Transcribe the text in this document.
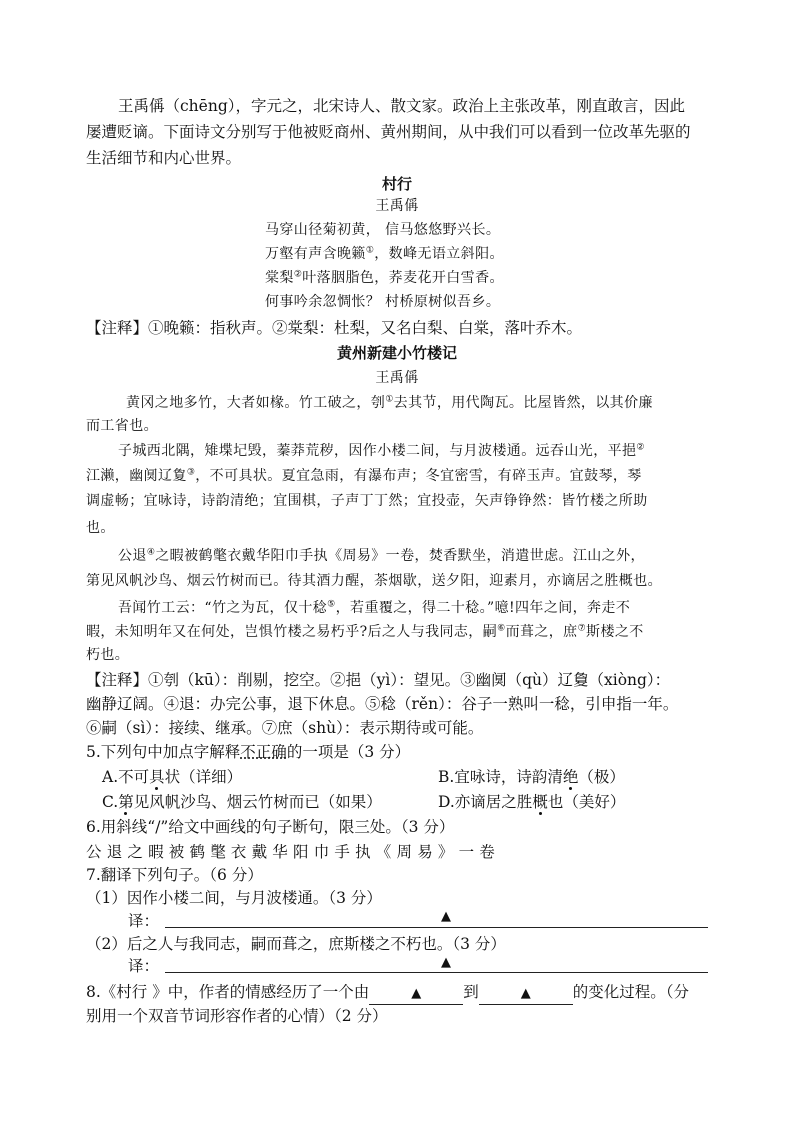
王禹偁（chēng），字元之，北宋诗人、散文家。政治上主张改革，刚直敢言，因此
屡遭贬谪。下面诗文分别写于他被贬商州、黄州期间，从中我们可以看到一位改革先驱的
生活细节和内心世界。
村行
王禹偁
马穿山径菊初黄， 信马悠悠野兴长。
万壑有声含晚籁①，数峰无语立斜阳。
棠梨②叶落胭脂色，荞麦花开白雪香。
何事吟余忽惆怅？ 村桥原树似吾乡。
【注释】①晚籁：指秋声。②棠梨：杜梨，又名白梨、白棠，落叶乔木。
黄州新建小竹楼记
王禹偁
黄冈之地多竹，大者如椽。竹工破之，刳①去其节，用代陶瓦。比屋皆然，以其价廉
而工省也。
子城西北隅，雉堞圮毁，蓁莽荒秽，因作小楼二间，与月波楼通。远吞山光，平挹②
江濑，幽阒辽夐③，不可具状。夏宜急雨，有瀑布声；冬宜密雪，有碎玉声。宜鼓琴，琴
调虚畅；宜咏诗，诗韵清绝；宜围棋，子声丁丁然；宜投壶，矢声铮铮然：皆竹楼之所助
也。
公退④之暇被鹤氅衣戴华阳巾手执《周易》一卷，焚香默坐，消遣世虑。江山之外，
第见风帆沙鸟、烟云竹树而已。待其酒力醒，茶烟歇，送夕阳，迎素月，亦谪居之胜概也。
吾闻竹工云：“竹之为瓦，仅十稔⑤，若重覆之，得二十稔。”噫!四年之间，奔走不
暇，未知明年又在何处，岂惧竹楼之易朽乎?后之人与我同志，嗣⑥而葺之，庶⑦斯楼之不
朽也。
【注释】①刳（kū）：削剔，挖空。②挹（yì）：望见。③幽阒（qù）辽敻（xiòng）：
幽静辽阔。④退：办完公事，退下休息。⑤稔（rěn）：谷子一熟叫一稔，引申指一年。
⑥嗣（sì）：接续、继承。⑦庶（shù）：表示期待或可能。
5.下列句中加点字解释不正确的一项是（3 分）
A.不可具状（详细）	B.宜咏诗，诗韵清绝（极）
C.第见风帆沙鸟、烟云竹树而已（如果）	D.亦谪居之胜概也（美好）
6.用斜线“/”给文中画线的句子断句，限三处。（3 分）
公退之暇被鹤氅衣戴华阳巾手执《周易》一卷
7.翻译下列句子。（6 分）
（1）因作小楼二间，与月波楼通。（3 分）
译：	▲
（2）后之人与我同志，嗣而葺之，庶斯楼之不朽也。（3 分）
译：	▲
8.《村行 》中，作者的情感经历了一个由	▲	到	▲	的变化过程。（分
别用一个双音节词形容作者的心情）（2 分）
